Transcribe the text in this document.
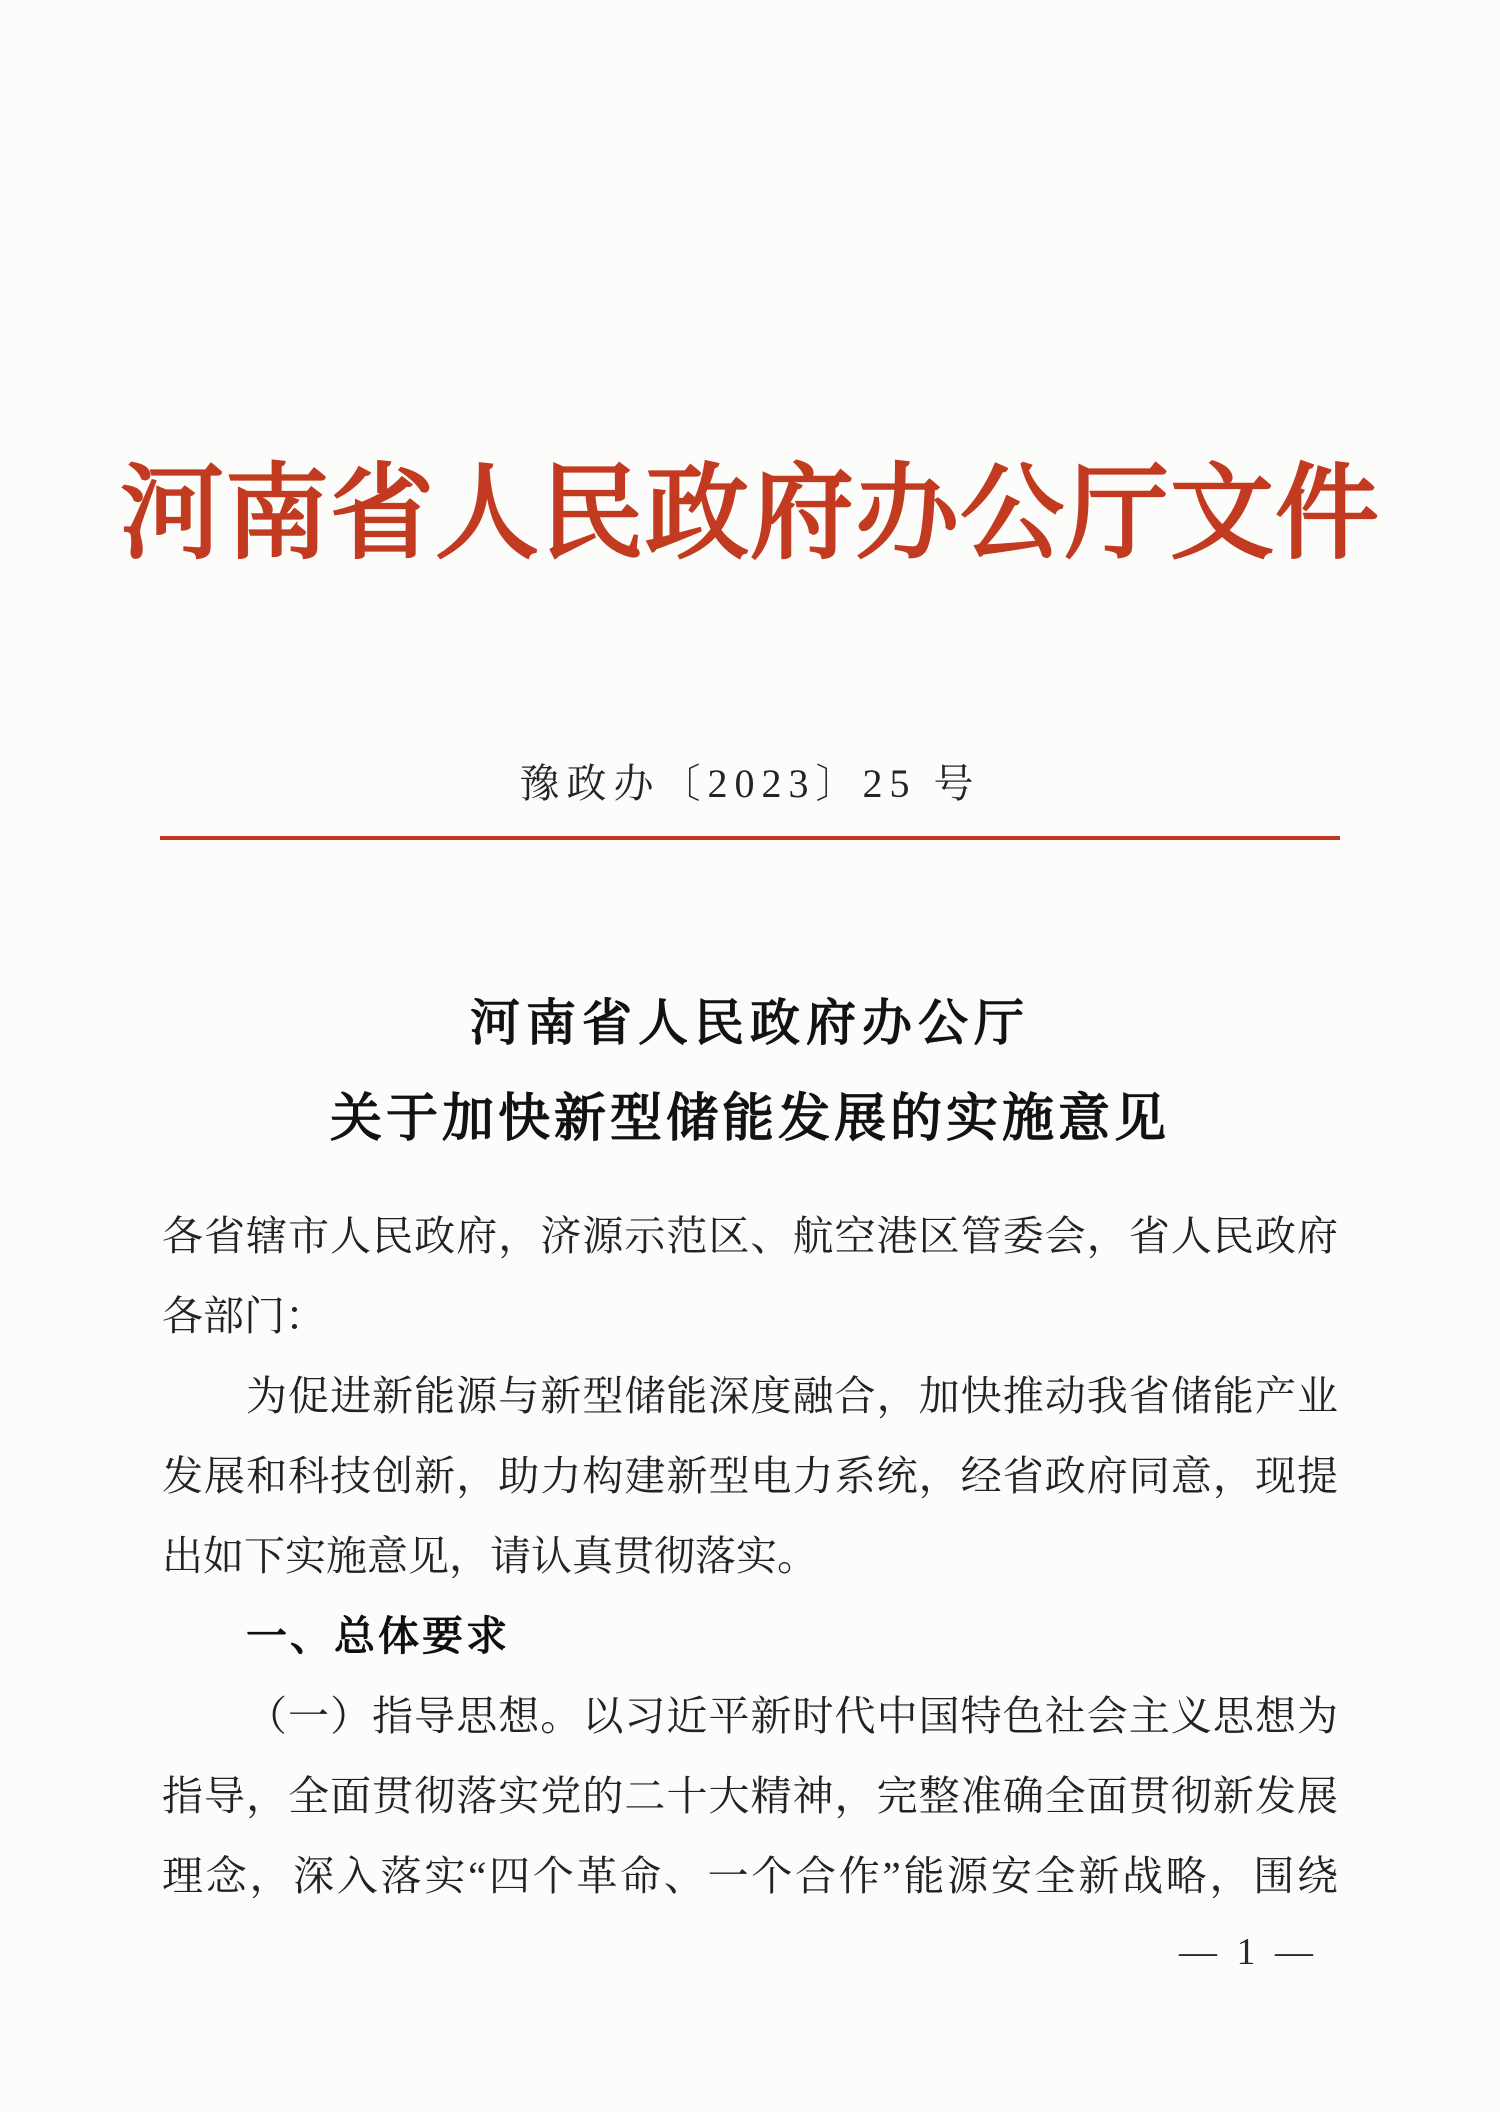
河南省人民政府办公厅文件
豫政办〔2023〕25 号
河南省人民政府办公厅
关于加快新型储能发展的实施意见
各省辖市人民政府，济源示范区、航空港区管委会，省人民政府
各部门：
为促进新能源与新型储能深度融合，加快推动我省储能产业
发展和科技创新，助力构建新型电力系统，经省政府同意，现提
出如下实施意见，请认真贯彻落实。
一、总体要求
（一）指导思想。以习近平新时代中国特色社会主义思想为
指导，全面贯彻落实党的二十大精神，完整准确全面贯彻新发展
理念，深入落实“四个革命、一个合作”能源安全新战略，围绕
— 1 —
